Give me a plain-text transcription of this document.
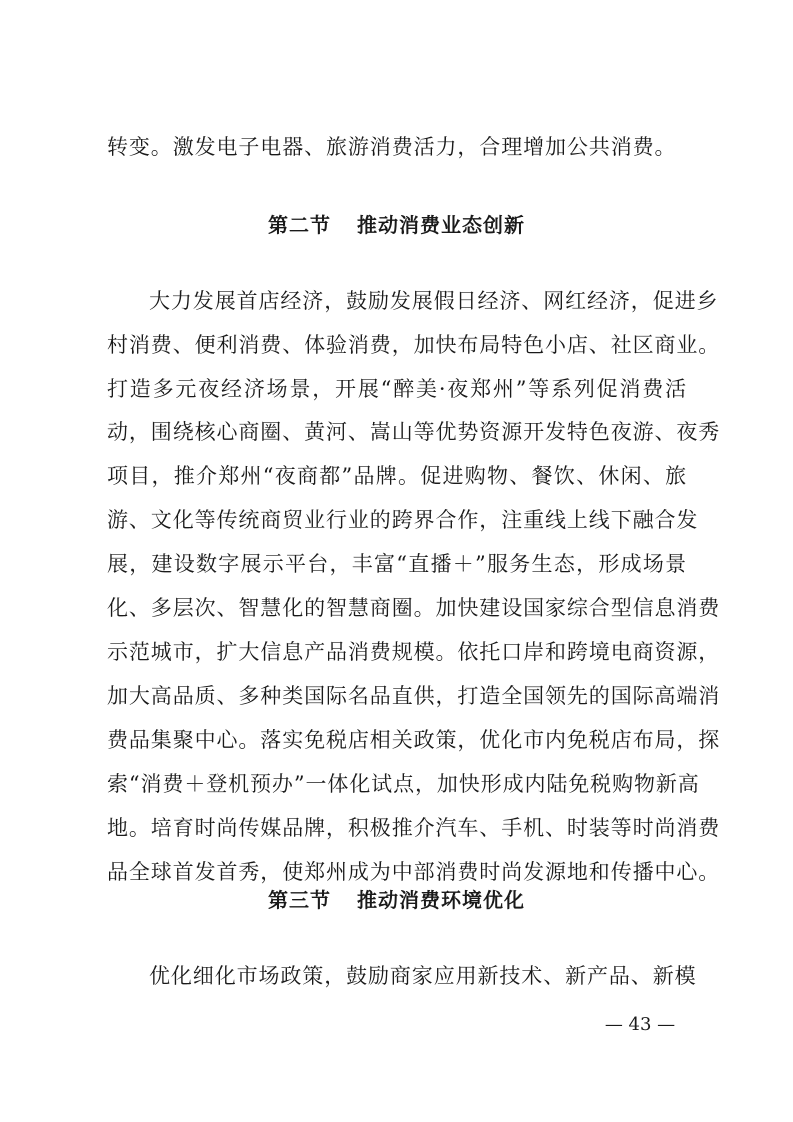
转变。激发电子电器、旅游消费活力，合理增加公共消费。
第二节 推动消费业态创新
大力发展首店经济，鼓励发展假日经济、网红经济，促进乡
村消费、便利消费、体验消费，加快布局特色小店、社区商业。
打造多元夜经济场景，开展“醉美·夜郑州”等系列促消费活
动，围绕核心商圈、黄河、嵩山等优势资源开发特色夜游、夜秀
项目，推介郑州“夜商都”品牌。促进购物、餐饮、休闲、旅
游、文化等传统商贸业行业的跨界合作，注重线上线下融合发
展，建设数字展示平台，丰富“直播＋”服务生态，形成场景
化、多层次、智慧化的智慧商圈。加快建设国家综合型信息消费
示范城市，扩大信息产品消费规模。依托口岸和跨境电商资源，
加大高品质、多种类国际名品直供，打造全国领先的国际高端消
费品集聚中心。落实免税店相关政策，优化市内免税店布局，探
索“消费＋登机预办”一体化试点，加快形成内陆免税购物新高
地。培育时尚传媒品牌，积极推介汽车、手机、时装等时尚消费
品全球首发首秀，使郑州成为中部消费时尚发源地和传播中心。
第三节 推动消费环境优化
优化细化市场政策，鼓励商家应用新技术、新产品、新模
— 43 —
